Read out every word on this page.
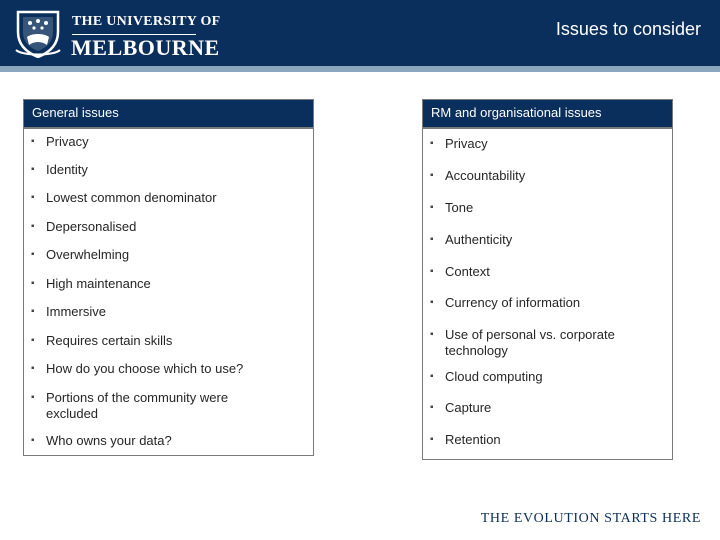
THE UNIVERSITY OF
MELBOURNE
Issues to consider
General issues
▪ Privacy
▪ Identity
▪ Lowest common denominator
▪ Depersonalised
▪ Overwhelming
▪ High maintenance
▪ Immersive
▪ Requires certain skills
▪ How do you choose which to use?
▪ Portions of the community were excluded
▪ Who owns your data?
RM and organisational issues
▪ Privacy
▪ Accountability
▪ Tone
▪ Authenticity
▪ Context
▪ Currency of information
▪ Use of personal vs. corporate technology
▪ Cloud computing
▪ Capture
▪ Retention
THE EVOLUTION STARTS HERE
